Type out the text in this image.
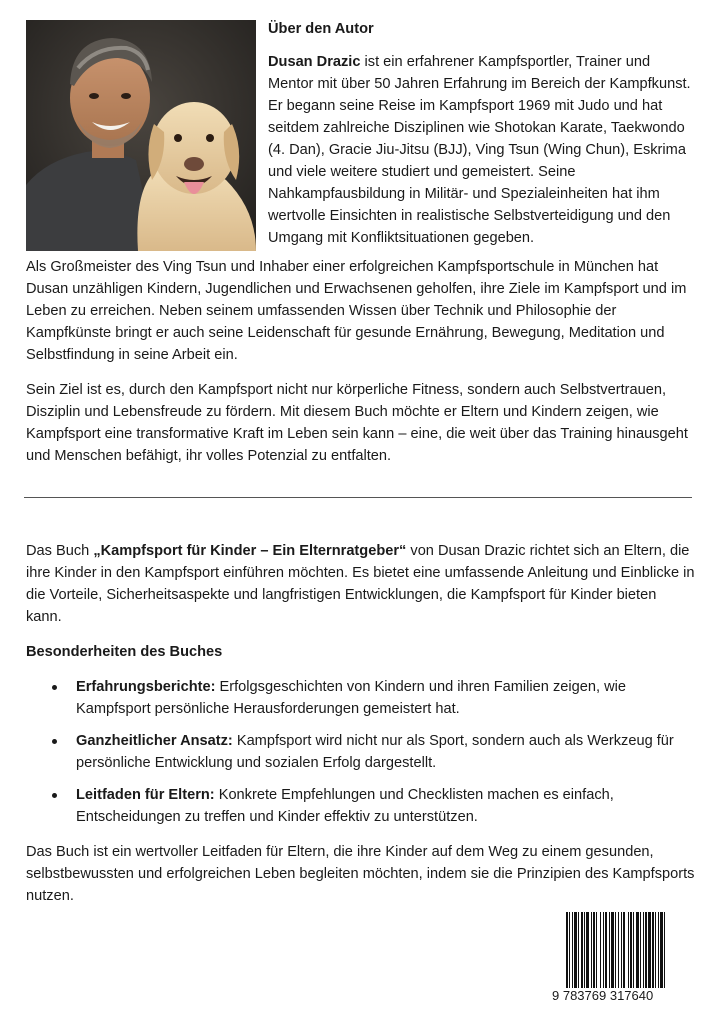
Über den Autor

Dusan Drazic ist ein erfahrener Kampfsportler, Trainer und Mentor mit über 50 Jahren Erfahrung im Bereich der Kampfkunst. Er begann seine Reise im Kampfsport 1969 mit Judo und hat seitdem zahlreiche Disziplinen wie Shotokan Karate, Taekwondo (4. Dan), Gracie Jiu-Jitsu (BJJ), Ving Tsun (Wing Chun), Eskrima und viele weitere studiert und gemeistert. Seine Nahkampfausbildung in Militär- und Spezialeinheiten hat ihm wertvolle Einsichten in realistische Selbstverteidigung und den Umgang mit Konfliktsituationen gegeben.

Als Großmeister des Ving Tsun und Inhaber einer erfolgreichen Kampfsportschule in München hat Dusan unzähligen Kindern, Jugendlichen und Erwachsenen geholfen, ihre Ziele im Kampfsport und im Leben zu erreichen. Neben seinem umfassenden Wissen über Technik und Philosophie der Kampfkünste bringt er auch seine Leidenschaft für gesunde Ernährung, Bewegung, Meditation und Selbstfindung in seine Arbeit ein.

Sein Ziel ist es, durch den Kampfsport nicht nur körperliche Fitness, sondern auch Selbstvertrauen, Disziplin und Lebensfreude zu fördern. Mit diesem Buch möchte er Eltern und Kindern zeigen, wie Kampfsport eine transformative Kraft im Leben sein kann – eine, die weit über das Training hinausgeht und Menschen befähigt, ihr volles Potenzial zu entfalten.

Das Buch „Kampfsport für Kinder – Ein Elternratgeber“ von Dusan Drazic richtet sich an Eltern, die ihre Kinder in den Kampfsport einführen möchten. Es bietet eine umfassende Anleitung und Einblicke in die Vorteile, Sicherheitsaspekte und langfristigen Entwicklungen, die Kampfsport für Kinder bieten kann.

Besonderheiten des Buches

Erfahrungsberichte: Erfolgsgeschichten von Kindern und ihren Familien zeigen, wie Kampfsport persönliche Herausforderungen gemeistert hat.
Ganzheitlicher Ansatz: Kampfsport wird nicht nur als Sport, sondern auch als Werkzeug für persönliche Entwicklung und sozialen Erfolg dargestellt.
Leitfaden für Eltern: Konkrete Empfehlungen und Checklisten machen es einfach, Entscheidungen zu treffen und Kinder effektiv zu unterstützen.

Das Buch ist ein wertvoller Leitfaden für Eltern, die ihre Kinder auf dem Weg zu einem gesunden, selbstbewussten und erfolgreichen Leben begleiten möchten, indem sie die Prinzipien des Kampfsports nutzen.

9 783769 317640
